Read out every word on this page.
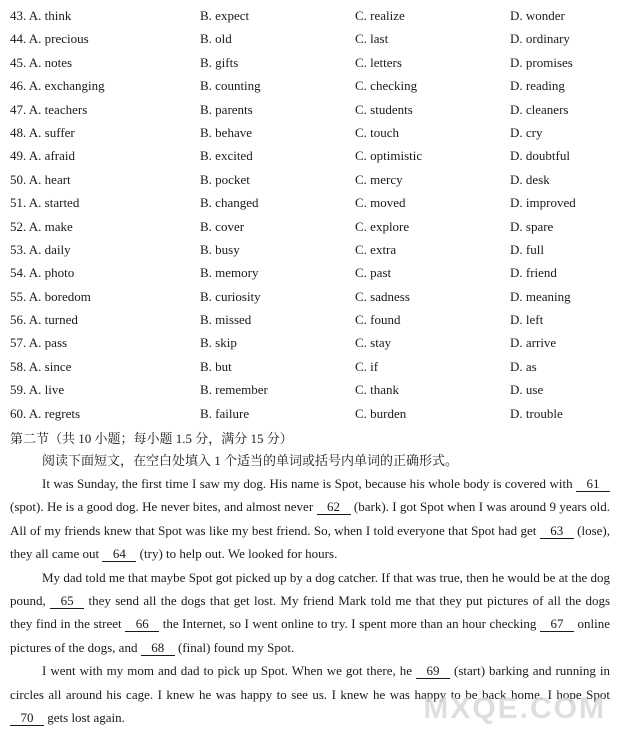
43. A. think	B. expect	C. realize	D. wonder
44. A. precious	B. old	C. last	D. ordinary
45. A. notes	B. gifts	C. letters	D. promises
46. A. exchanging	B. counting	C. checking	D. reading
47. A. teachers	B. parents	C. students	D. cleaners
48. A. suffer	B. behave	C. touch	D. cry
49. A. afraid	B. excited	C. optimistic	D. doubtful
50. A. heart	B. pocket	C. mercy	D. desk
51. A. started	B. changed	C. moved	D. improved
52. A. make	B. cover	C. explore	D. spare
53. A. daily	B. busy	C. extra	D. full
54. A. photo	B. memory	C. past	D. friend
55. A. boredom	B. curiosity	C. sadness	D. meaning
56. A. turned	B. missed	C. found	D. left
57. A. pass	B. skip	C. stay	D. arrive
58. A. since	B. but	C. if	D. as
59. A. live	B. remember	C. thank	D. use
60. A. regrets	B. failure	C. burden	D. trouble

第二节（共 10 小题；每小题 1.5 分，满分 15 分）

阅读下面短文，在空白处填入 1 个适当的单词或括号内单词的正确形式。

It was Sunday, the first time I saw my dog. His name is Spot, because his whole body is covered with 61(spot). He is a good dog. He never bites, and almost never 62 (bark). I got Spot when I was around 9 years old. All of my friends knew that Spot was like my best friend. So, when I told everyone that Spot had get 63 (lose), they all came out 64 (try) to help out. We looked for hours.

My dad told me that maybe Spot got picked up by a dog catcher. If that was true, then he would be at the dog pound, 65 they send all the dogs that get lost. My friend Mark told me that they put pictures of all the dogs they find in the street 66 the Internet, so I went online to try. I spent more than an hour checking 67 online pictures of the dogs, and 68 (final) found my Spot.

I went with my mom and dad to pick up Spot. When we got there, he 69 (start) barking and running in circles all around his cage. I knew he was happy to see us. I knew he was happy to be back home. I hope Spot 70 gets lost again.	MXQE.COM
